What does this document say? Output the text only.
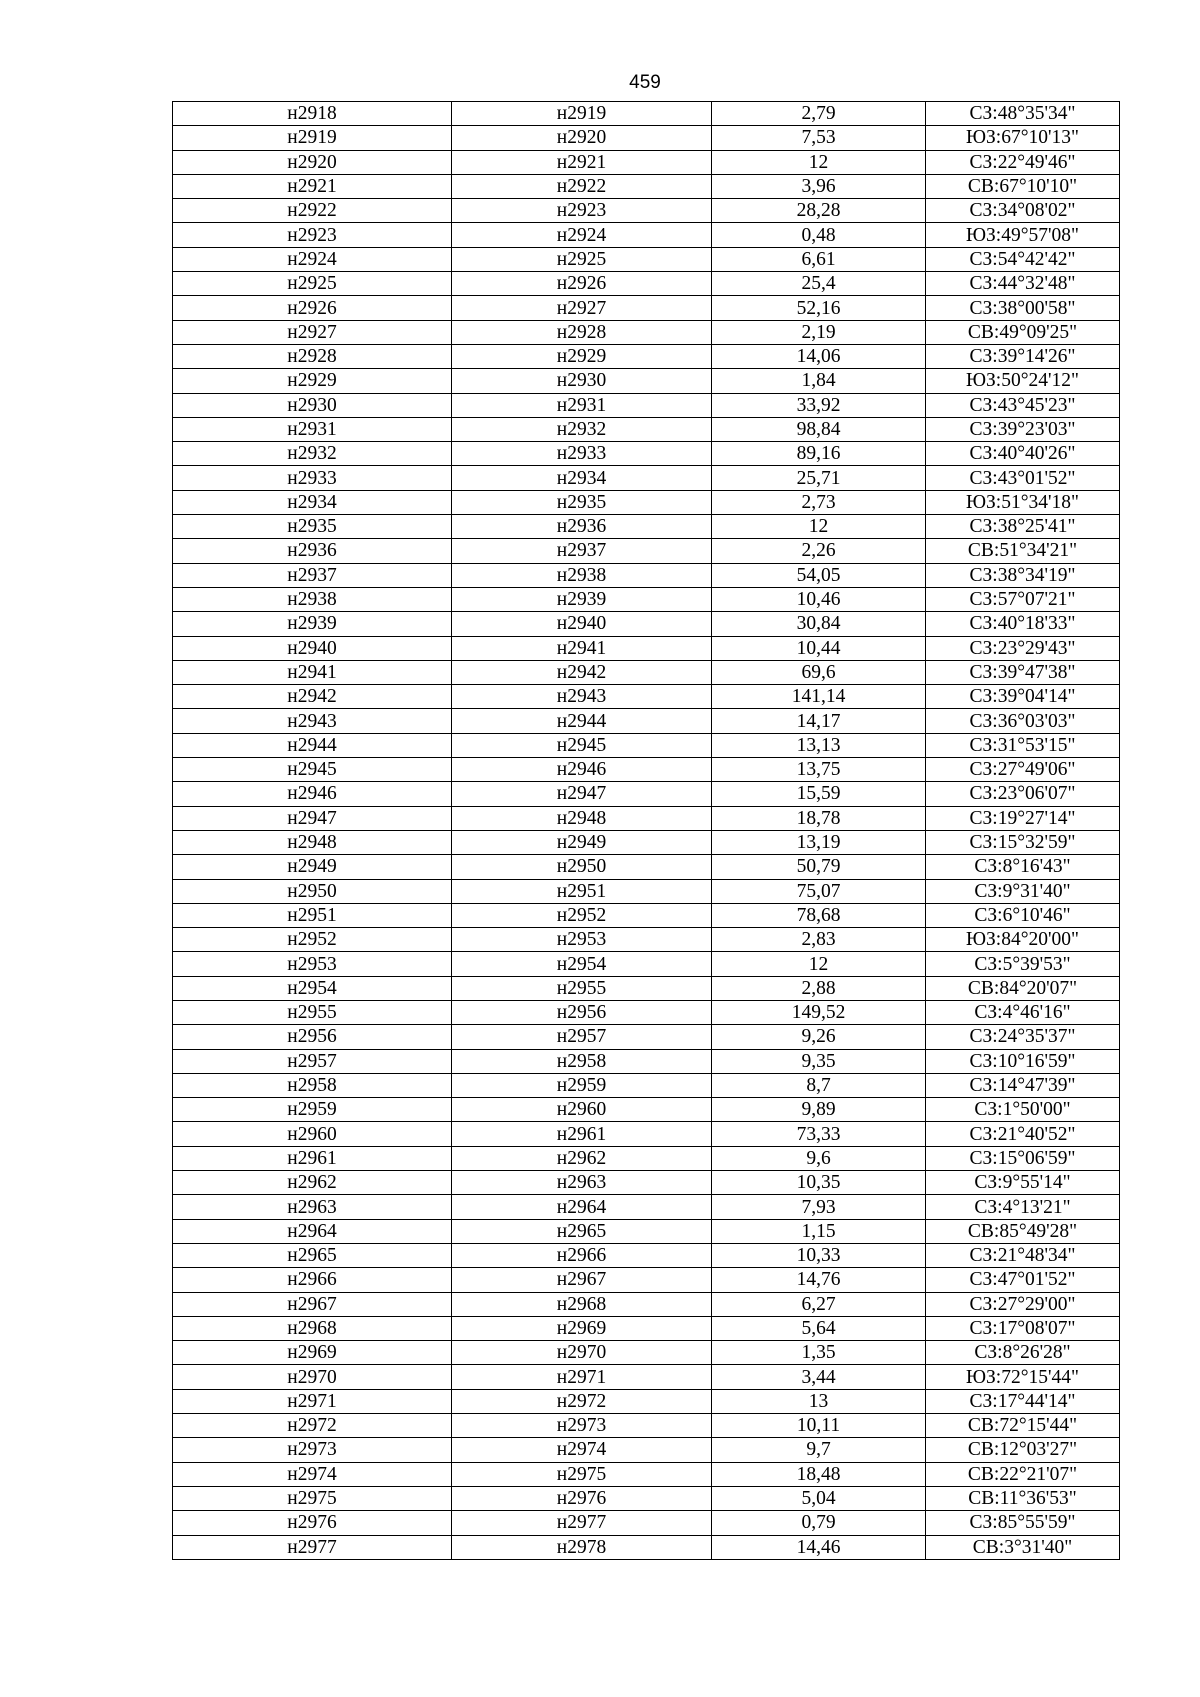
459
н2918	н2919	2,79	СЗ:48°35'34"
н2919	н2920	7,53	ЮЗ:67°10'13"
н2920	н2921	12	СЗ:22°49'46"
н2921	н2922	3,96	СВ:67°10'10"
н2922	н2923	28,28	СЗ:34°08'02"
н2923	н2924	0,48	ЮЗ:49°57'08"
н2924	н2925	6,61	СЗ:54°42'42"
н2925	н2926	25,4	СЗ:44°32'48"
н2926	н2927	52,16	СЗ:38°00'58"
н2927	н2928	2,19	СВ:49°09'25"
н2928	н2929	14,06	СЗ:39°14'26"
н2929	н2930	1,84	ЮЗ:50°24'12"
н2930	н2931	33,92	СЗ:43°45'23"
н2931	н2932	98,84	СЗ:39°23'03"
н2932	н2933	89,16	СЗ:40°40'26"
н2933	н2934	25,71	СЗ:43°01'52"
н2934	н2935	2,73	ЮЗ:51°34'18"
н2935	н2936	12	СЗ:38°25'41"
н2936	н2937	2,26	СВ:51°34'21"
н2937	н2938	54,05	СЗ:38°34'19"
н2938	н2939	10,46	СЗ:57°07'21"
н2939	н2940	30,84	СЗ:40°18'33"
н2940	н2941	10,44	СЗ:23°29'43"
н2941	н2942	69,6	СЗ:39°47'38"
н2942	н2943	141,14	СЗ:39°04'14"
н2943	н2944	14,17	СЗ:36°03'03"
н2944	н2945	13,13	СЗ:31°53'15"
н2945	н2946	13,75	СЗ:27°49'06"
н2946	н2947	15,59	СЗ:23°06'07"
н2947	н2948	18,78	СЗ:19°27'14"
н2948	н2949	13,19	СЗ:15°32'59"
н2949	н2950	50,79	СЗ:8°16'43"
н2950	н2951	75,07	СЗ:9°31'40"
н2951	н2952	78,68	СЗ:6°10'46"
н2952	н2953	2,83	ЮЗ:84°20'00"
н2953	н2954	12	СЗ:5°39'53"
н2954	н2955	2,88	СВ:84°20'07"
н2955	н2956	149,52	СЗ:4°46'16"
н2956	н2957	9,26	СЗ:24°35'37"
н2957	н2958	9,35	СЗ:10°16'59"
н2958	н2959	8,7	СЗ:14°47'39"
н2959	н2960	9,89	СЗ:1°50'00"
н2960	н2961	73,33	СЗ:21°40'52"
н2961	н2962	9,6	СЗ:15°06'59"
н2962	н2963	10,35	СЗ:9°55'14"
н2963	н2964	7,93	СЗ:4°13'21"
н2964	н2965	1,15	СВ:85°49'28"
н2965	н2966	10,33	СЗ:21°48'34"
н2966	н2967	14,76	СЗ:47°01'52"
н2967	н2968	6,27	СЗ:27°29'00"
н2968	н2969	5,64	СЗ:17°08'07"
н2969	н2970	1,35	СЗ:8°26'28"
н2970	н2971	3,44	ЮЗ:72°15'44"
н2971	н2972	13	СЗ:17°44'14"
н2972	н2973	10,11	СВ:72°15'44"
н2973	н2974	9,7	СВ:12°03'27"
н2974	н2975	18,48	СВ:22°21'07"
н2975	н2976	5,04	СВ:11°36'53"
н2976	н2977	0,79	СЗ:85°55'59"
н2977	н2978	14,46	СВ:3°31'40"
